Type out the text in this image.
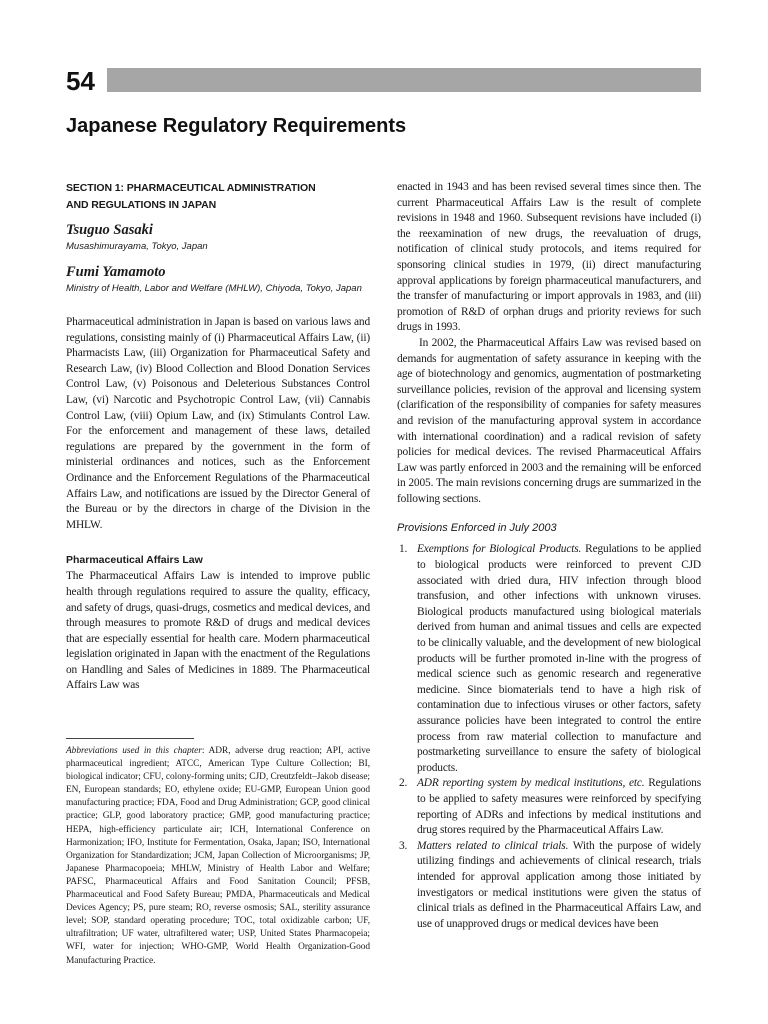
54
Japanese Regulatory Requirements
SECTION 1: PHARMACEUTICAL ADMINISTRATION
AND REGULATIONS IN JAPAN

Tsuguo Sasaki

Musashimurayama, Tokyo, Japan

Fumi Yamamoto

Ministry of Health, Labor and Welfare (MHLW), Chiyoda, Tokyo, Japan

Pharmaceutical administration in Japan is based on various laws and regulations, consisting mainly of (i) Pharmaceutical Affairs Law, (ii) Pharmacists Law, (iii) Organization for Pharmaceutical Safety and Research Law, (iv) Blood Collection and Blood Donation Services Control Law, (v) Poisonous and Deleterious Substances Control Law, (vi) Narcotic and Psychotropic Control Law, (vii) Cannabis Control Law, (viii) Opium Law, and (ix) Stimulants Control Law. For the enforcement and management of these laws, detailed regulations are prepared by the government in the form of ministerial ordinances and notices, such as the Enforcement Ordinance and the Enforcement Regulations of the Pharmaceutical Affairs Law, and notifications are issued by the Director General of the Bureau or by the directors in charge of the Division in the MHLW.

Pharmaceutical Affairs Law

The Pharmaceutical Affairs Law is intended to improve public health through regulations required to assure the quality, efficacy, and safety of drugs, quasi-drugs, cosmetics and medical devices, and through measures to promote R&D of drugs and medical devices that are especially essential for health care. Modern pharmaceutical legislation originated in Japan with the enactment of the Regulations on Handling and Sales of Medicines in 1889. The Pharmaceutical Affairs Law was

Abbreviations used in this chapter: ADR, adverse drug reaction; API, active pharmaceutical ingredient; ATCC, American Type Culture Collection; BI, biological indicator; CFU, colony-forming units; CJD, Creutzfeldt–Jakob disease; EN, European standards; EO, ethylene oxide; EU-GMP, European Union good manufacturing practice; FDA, Food and Drug Administration; GCP, good clinical practice; GLP, good laboratory practice; GMP, good manufacturing practice; HEPA, high-efficiency particulate air; ICH, International Conference on Harmonization; IFO, Institute for Fermentation, Osaka, Japan; ISO, International Organization for Standardization; JCM, Japan Collection of Microorganisms; JP, Japanese Pharmacopoeia; MHLW, Ministry of Health Labor and Welfare; PAFSC, Pharmaceutical Affairs and Food Sanitation Council; PFSB, Pharmaceutical and Food Safety Bureau; PMDA, Pharmaceuticals and Medical Devices Agency; PS, pure steam; RO, reverse osmosis; SAL, sterility assurance level; SOP, standard operating procedure; TOC, total oxidizable carbon; UF, ultrafiltration; UF water, ultrafiltered water; USP, United States Pharmacopeia; WFI, water for injection; WHO-GMP, World Health Organization-Good Manufacturing Practice.

enacted in 1943 and has been revised several times since then. The current Pharmaceutical Affairs Law is the result of complete revisions in 1948 and 1960. Subsequent revisions have included (i) the reexamination of new drugs, the reevaluation of drugs, notification of clinical study protocols, and items required for sponsoring clinical studies in 1979, (ii) direct manufacturing approval applications by foreign pharmaceutical manufacturers, and the transfer of manufacturing or import approvals in 1983, and (iii) promotion of R&D of orphan drugs and priority reviews for such drugs in 1993.

In 2002, the Pharmaceutical Affairs Law was revised based on demands for augmentation of safety assurance in keeping with the age of biotechnology and genomics, augmentation of postmarketing surveillance policies, revision of the approval and licensing system (clarification of the responsibility of companies for safety measures and revision of the manufacturing approval system in accordance with international coordination) and a radical revision of safety policies for medical devices. The revised Pharmaceutical Affairs Law was partly enforced in 2003 and the remaining will be enforced in 2005. The main revisions concerning drugs are summarized in the following sections.

Provisions Enforced in July 2003
1. Exemptions for Biological Products. Regulations to be applied to biological products were reinforced to prevent CJD associated with dried dura, HIV infection through blood transfusion, and other infections with unknown viruses. Biological products manufactured using biological materials derived from human and animal tissues and cells are expected to be clinically valuable, and the development of new biological products will be further promoted in-line with the progress of medical science such as genomic research and regenerative medicine. Since biomaterials tend to have a high risk of contamination due to infectious viruses or other factors, safety assurance policies have been integrated to control the entire process from raw material collection to manufacture and postmarketing surveillance to ensure the safety of biological products.
2. ADR reporting system by medical institutions, etc. Regulations to be applied to safety measures were reinforced by specifying reporting of ADRs and infections by medical institutions and drug stores required by the Pharmaceutical Affairs Law.
3. Matters related to clinical trials. With the purpose of widely utilizing findings and achievements of clinical research, trials intended for approval application among those initiated by investigators or medical institutions were given the status of clinical trials as defined in the Pharmaceutical Affairs Law, and use of unapproved drugs or medical devices have been
